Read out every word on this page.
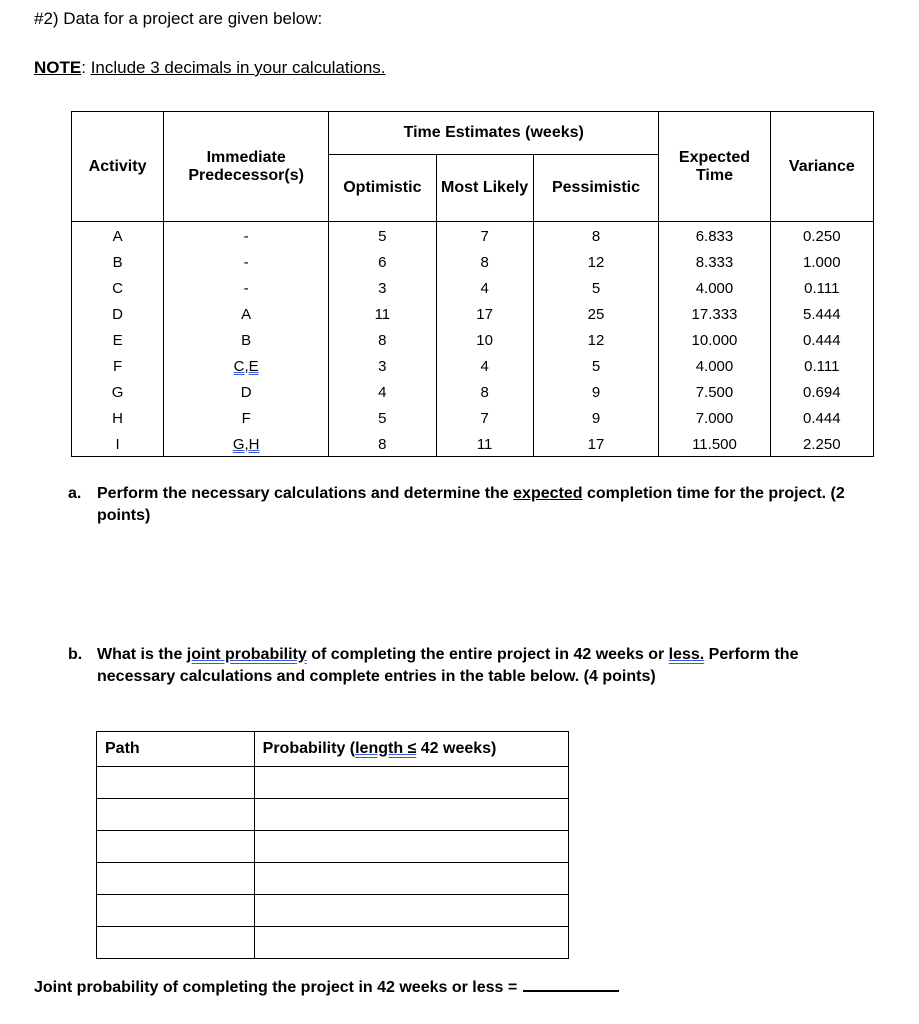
#2) Data for a project are given below:
NOTE: Include 3 decimals in your calculations.
Activity	Immediate Predecessor(s)	Time Estimates (weeks)			Expected Time	Variance
		Optimistic	Most Likely	Pessimistic		
A	-	5	7	8	6.833	0.250
B	-	6	8	12	8.333	1.000
C	-	3	4	5	4.000	0.111
D	A	11	17	25	17.333	5.444
E	B	8	10	12	10.000	0.444
F	C,E	3	4	5	4.000	0.111
G	D	4	8	9	7.500	0.694
H	F	5	7	9	7.000	0.444
I	G,H	8	11	17	11.500	2.250
a. Perform the necessary calculations and determine the expected completion time for the project. (2 points)
b. What is the joint probability of completing the entire project in 42 weeks or less. Perform the necessary calculations and complete entries in the table below. (4 points)
Path	Probability (length ≤ 42 weeks)

Joint probability of completing the project in 42 weeks or less =
